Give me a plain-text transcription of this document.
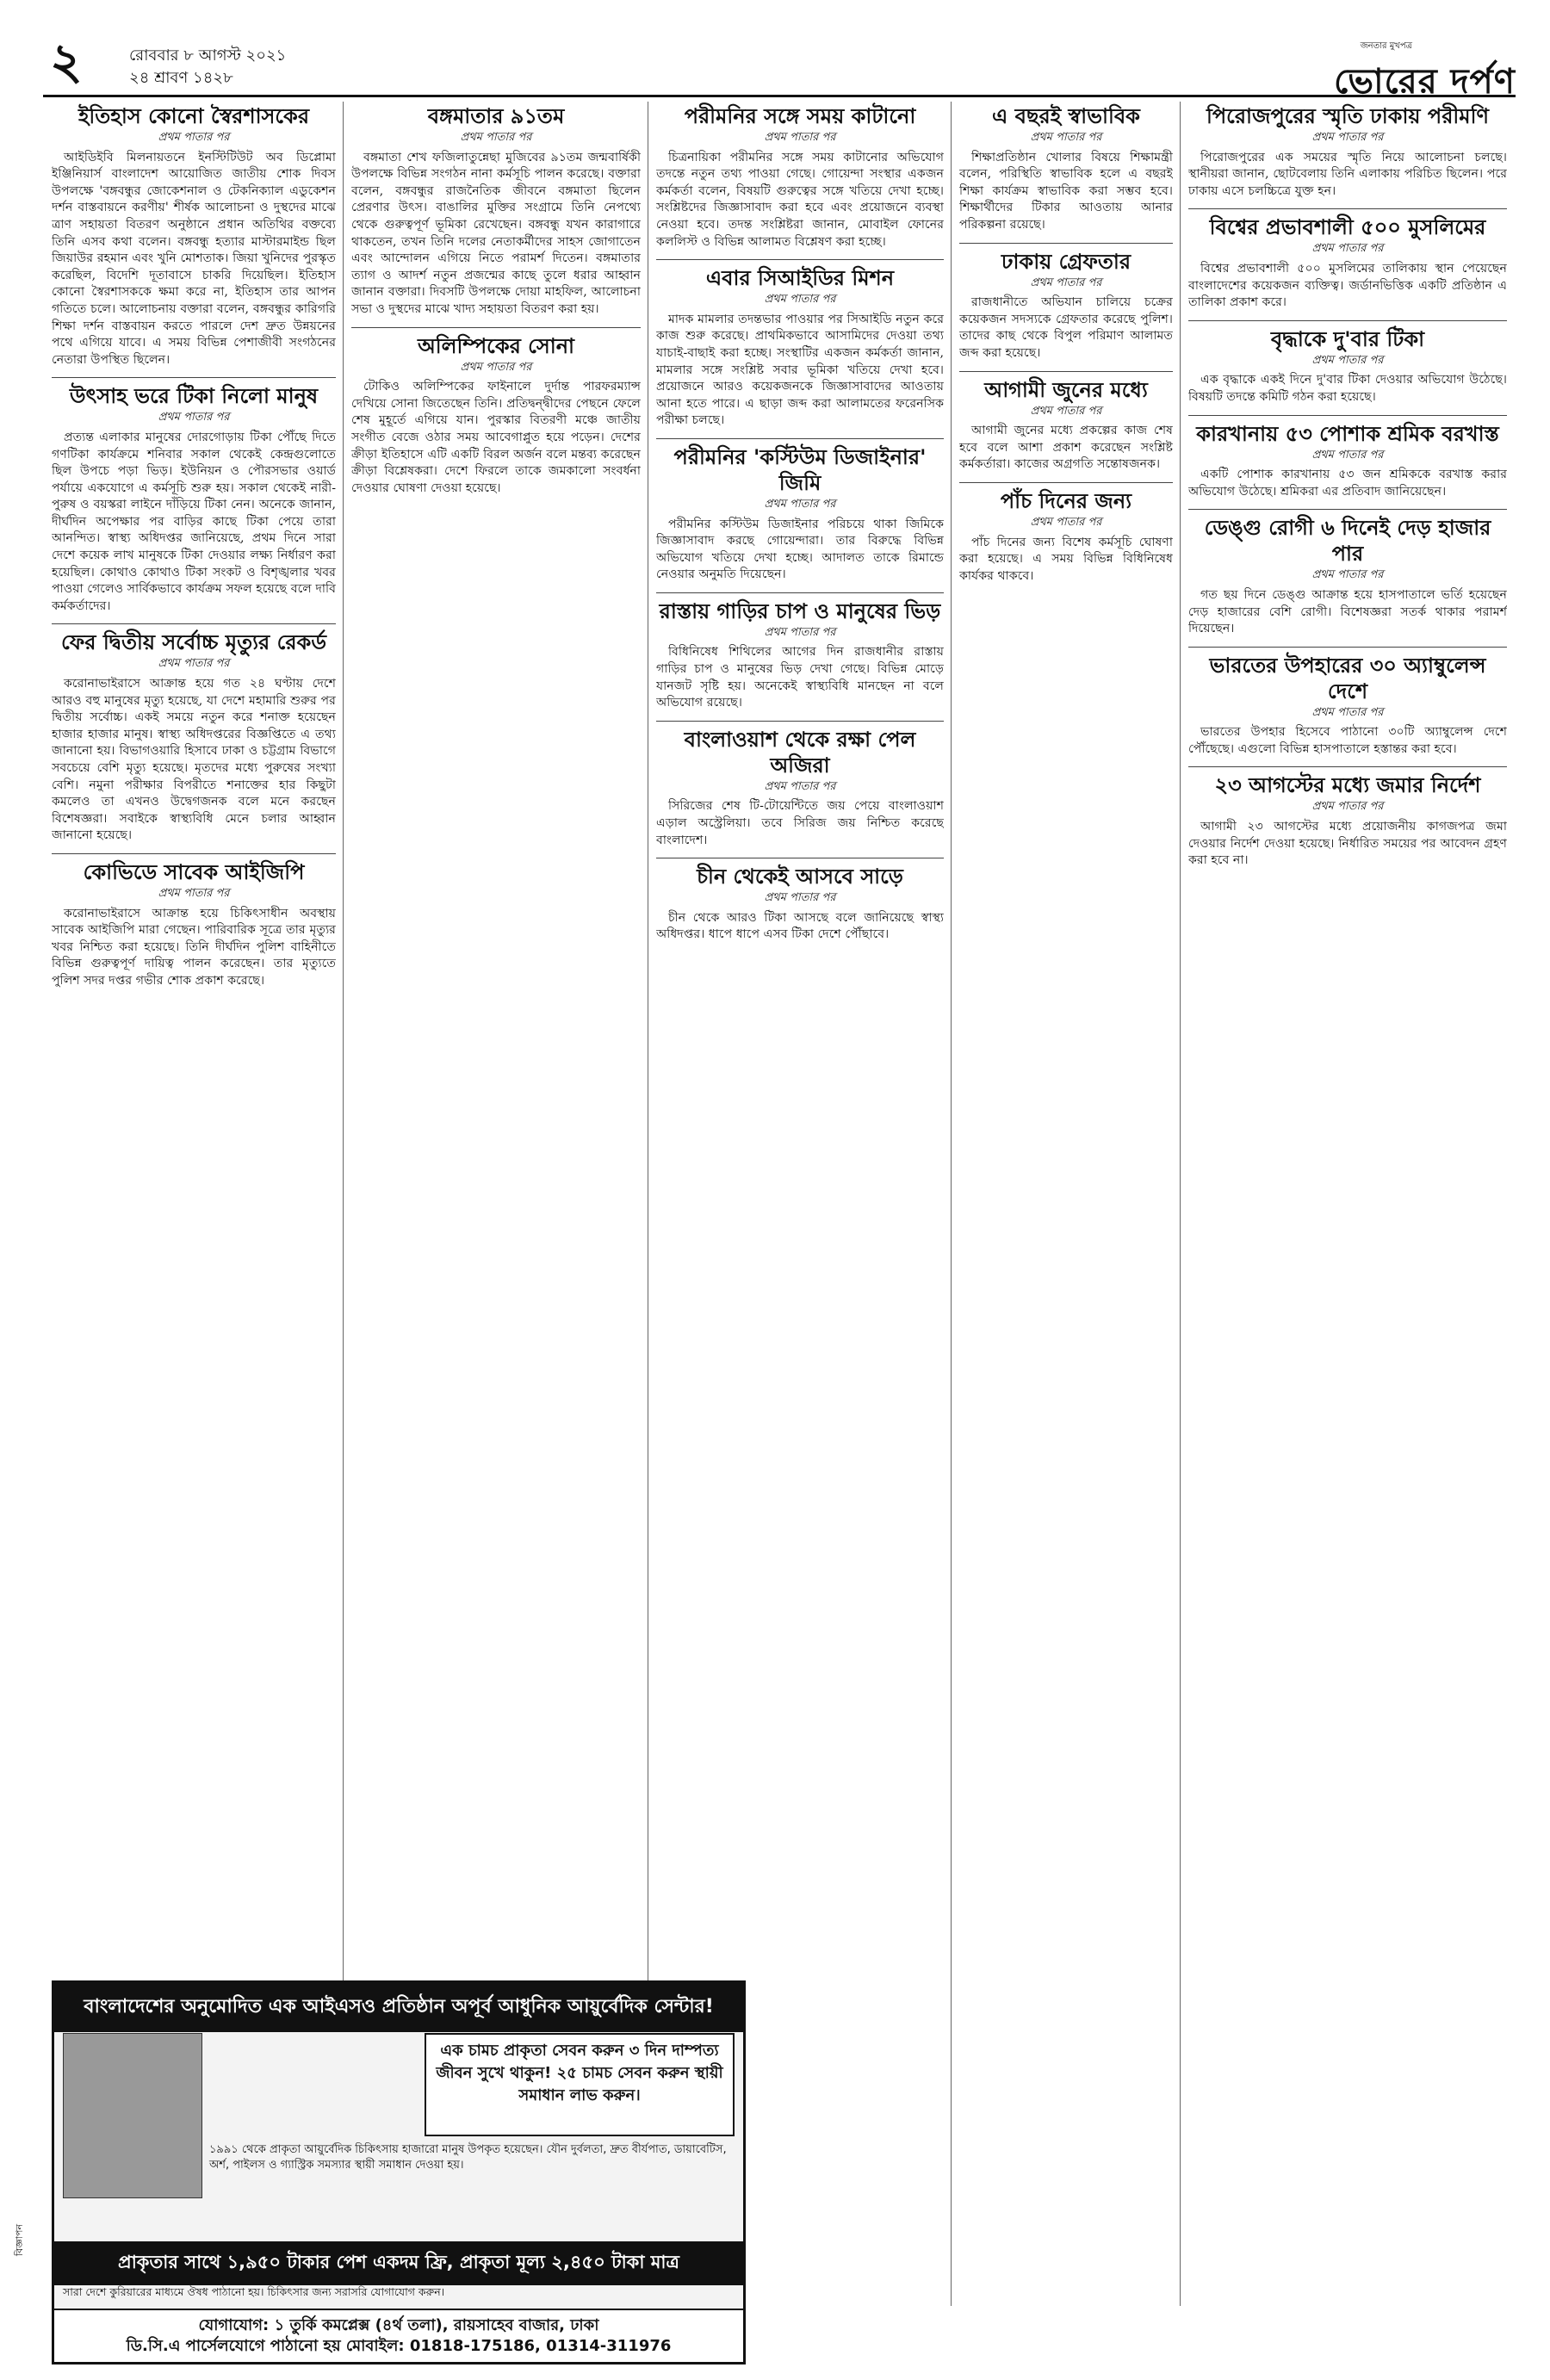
২	রোববার ৮ আগস্ট ২০২১
২৪ শ্রাবণ ১৪২৮
জনতার মুখপত্র
ভোরের দর্পণ
ইতিহাস কোনো স্বৈরশাসকের
প্রথম পাতার পর

আইডিইবি মিলনায়তনে ইনস্টিটিউট অব ডিপ্লোমা ইঞ্জিনিয়ার্স বাংলাদেশ আয়োজিত জাতীয় শোক দিবস উপলক্ষে 'বঙ্গবন্ধুর জোকেশনাল ও টেকনিক্যাল এডুকেশন দর্শন বাস্তবায়নে করণীয়' শীর্ষক আলোচনা ও দুস্থদের মাঝে ত্রাণ সহায়তা বিতরণ অনুষ্ঠানে প্রধান অতিথির বক্তব্যে তিনি এসব কথা বলেন। বঙ্গবন্ধু হত্যার মাস্টারমাইন্ড ছিল জিয়াউর রহমান এবং খুনি মোশতাক। জিয়া খুনিদের পুরস্কৃত করেছিল, বিদেশি দূতাবাসে চাকরি দিয়েছিল। ইতিহাস কোনো স্বৈরশাসককে ক্ষমা করে না, ইতিহাস তার আপন গতিতে চলে। আলোচনায় বক্তারা বলেন, বঙ্গবন্ধুর কারিগরি শিক্ষা দর্শন বাস্তবায়ন করতে পারলে দেশ দ্রুত উন্নয়নের পথে এগিয়ে যাবে। এ সময় বিভিন্ন পেশাজীবী সংগঠনের নেতারা উপস্থিত ছিলেন।

উৎসাহ ভরে টিকা নিলো মানুষ
প্রথম পাতার পর

প্রত্যন্ত এলাকার মানুষের দোরগোড়ায় টিকা পৌঁছে দিতে গণটিকা কার্যক্রমে শনিবার সকাল থেকেই কেন্দ্রগুলোতে ছিল উপচে পড়া ভিড়। ইউনিয়ন ও পৌরসভার ওয়ার্ড পর্যায়ে একযোগে এ কর্মসূচি শুরু হয়। সকাল থেকেই নারী-পুরুষ ও বয়স্করা লাইনে দাঁড়িয়ে টিকা নেন। অনেকে জানান, দীর্ঘদিন অপেক্ষার পর বাড়ির কাছে টিকা পেয়ে তারা আনন্দিত। স্বাস্থ্য অধিদপ্তর জানিয়েছে, প্রথম দিনে সারা দেশে কয়েক লাখ মানুষকে টিকা দেওয়ার লক্ষ্য নির্ধারণ করা হয়েছিল। কোথাও কোথাও টিকা সংকট ও বিশৃঙ্খলার খবর পাওয়া গেলেও সার্বিকভাবে কার্যক্রম সফল হয়েছে বলে দাবি কর্মকর্তাদের।

ফের দ্বিতীয় সর্বোচ্চ মৃত্যুর রেকর্ড
প্রথম পাতার পর

করোনাভাইরাসে আক্রান্ত হয়ে গত ২৪ ঘণ্টায় দেশে আরও বহু মানুষের মৃত্যু হয়েছে, যা দেশে মহামারি শুরুর পর দ্বিতীয় সর্বোচ্চ। একই সময়ে নতুন করে শনাক্ত হয়েছেন হাজার হাজার মানুষ। স্বাস্থ্য অধিদপ্তরের বিজ্ঞপ্তিতে এ তথ্য জানানো হয়। বিভাগওয়ারি হিসাবে ঢাকা ও চট্টগ্রাম বিভাগে সবচেয়ে বেশি মৃত্যু হয়েছে। মৃতদের মধ্যে পুরুষের সংখ্যা বেশি। নমুনা পরীক্ষার বিপরীতে শনাক্তের হার কিছুটা কমলেও তা এখনও উদ্বেগজনক বলে মনে করছেন বিশেষজ্ঞরা। সবাইকে স্বাস্থ্যবিধি মেনে চলার আহ্বান জানানো হয়েছে।

কোভিডে সাবেক আইজিপি
প্রথম পাতার পর

করোনাভাইরাসে আক্রান্ত হয়ে চিকিৎসাধীন অবস্থায় সাবেক আইজিপি মারা গেছেন। পারিবারিক সূত্রে তার মৃত্যুর খবর নিশ্চিত করা হয়েছে। তিনি দীর্ঘদিন পুলিশ বাহিনীতে বিভিন্ন গুরুত্বপূর্ণ দায়িত্ব পালন করেছেন। তার মৃত্যুতে পুলিশ সদর দপ্তর গভীর শোক প্রকাশ করেছে।

বঙ্গমাতার ৯১তম
প্রথম পাতার পর

বঙ্গমাতা শেখ ফজিলাতুন্নেছা মুজিবের ৯১তম জন্মবার্ষিকী উপলক্ষে বিভিন্ন সংগঠন নানা কর্মসূচি পালন করেছে। বক্তারা বলেন, বঙ্গবন্ধুর রাজনৈতিক জীবনে বঙ্গমাতা ছিলেন প্রেরণার উৎস। বাঙালির মুক্তির সংগ্রামে তিনি নেপথ্যে থেকে গুরুত্বপূর্ণ ভূমিকা রেখেছেন। বঙ্গবন্ধু যখন কারাগারে থাকতেন, তখন তিনি দলের নেতাকর্মীদের সাহস জোগাতেন এবং আন্দোলন এগিয়ে নিতে পরামর্শ দিতেন। বঙ্গমাতার ত্যাগ ও আদর্শ নতুন প্রজন্মের কাছে তুলে ধরার আহ্বান জানান বক্তারা। দিবসটি উপলক্ষে দোয়া মাহফিল, আলোচনা সভা ও দুস্থদের মাঝে খাদ্য সহায়তা বিতরণ করা হয়।

অলিম্পিকের সোনা
প্রথম পাতার পর

টোকিও অলিম্পিকের ফাইনালে দুর্দান্ত পারফরম্যান্স দেখিয়ে সোনা জিতেছেন তিনি। প্রতিদ্বন্দ্বীদের পেছনে ফেলে শেষ মুহূর্তে এগিয়ে যান। পুরস্কার বিতরণী মঞ্চে জাতীয় সংগীত বেজে ওঠার সময় আবেগাপ্লুত হয়ে পড়েন। দেশের ক্রীড়া ইতিহাসে এটি একটি বিরল অর্জন বলে মন্তব্য করেছেন ক্রীড়া বিশ্লেষকরা। দেশে ফিরলে তাকে জমকালো সংবর্ধনা দেওয়ার ঘোষণা দেওয়া হয়েছে।

পরীমনির সঙ্গে সময় কাটানো
প্রথম পাতার পর

চিত্রনায়িকা পরীমনির সঙ্গে সময় কাটানোর অভিযোগ তদন্তে নতুন তথ্য পাওয়া গেছে। গোয়েন্দা সংস্থার একজন কর্মকর্তা বলেন, বিষয়টি গুরুত্বের সঙ্গে খতিয়ে দেখা হচ্ছে। সংশ্লিষ্টদের জিজ্ঞাসাবাদ করা হবে এবং প্রয়োজনে ব্যবস্থা নেওয়া হবে। তদন্ত সংশ্লিষ্টরা জানান, মোবাইল ফোনের কললিস্ট ও বিভিন্ন আলামত বিশ্লেষণ করা হচ্ছে।

এবার সিআইডির মিশন
প্রথম পাতার পর

মাদক মামলার তদন্তভার পাওয়ার পর সিআইডি নতুন করে কাজ শুরু করেছে। প্রাথমিকভাবে আসামিদের দেওয়া তথ্য যাচাই-বাছাই করা হচ্ছে। সংস্থাটির একজন কর্মকর্তা জানান, মামলার সঙ্গে সংশ্লিষ্ট সবার ভূমিকা খতিয়ে দেখা হবে। প্রয়োজনে আরও কয়েকজনকে জিজ্ঞাসাবাদের আওতায় আনা হতে পারে। এ ছাড়া জব্দ করা আলামতের ফরেনসিক পরীক্ষা চলছে।

পরীমনির 'কস্টিউম ডিজাইনার' জিমি
প্রথম পাতার পর

পরীমনির কস্টিউম ডিজাইনার পরিচয়ে থাকা জিমিকে জিজ্ঞাসাবাদ করছে গোয়েন্দারা। তার বিরুদ্ধে বিভিন্ন অভিযোগ খতিয়ে দেখা হচ্ছে। আদালত তাকে রিমান্ডে নেওয়ার অনুমতি দিয়েছেন।

রাস্তায় গাড়ির চাপ ও মানুষের ভিড়
প্রথম পাতার পর

বিধিনিষেধ শিথিলের আগের দিন রাজধানীর রাস্তায় গাড়ির চাপ ও মানুষের ভিড় দেখা গেছে। বিভিন্ন মোড়ে যানজট সৃষ্টি হয়। অনেকেই স্বাস্থ্যবিধি মানছেন না বলে অভিযোগ রয়েছে।

বাংলাওয়াশ থেকে রক্ষা পেল অজিরা
প্রথম পাতার পর

সিরিজের শেষ টি-টোয়েন্টিতে জয় পেয়ে বাংলাওয়াশ এড়াল অস্ট্রেলিয়া। তবে সিরিজ জয় নিশ্চিত করেছে বাংলাদেশ।

চীন থেকেই আসবে সাড়ে
প্রথম পাতার পর

চীন থেকে আরও টিকা আসছে বলে জানিয়েছে স্বাস্থ্য অধিদপ্তর। ধাপে ধাপে এসব টিকা দেশে পৌঁছাবে।

এ বছরই স্বাভাবিক
প্রথম পাতার পর

শিক্ষাপ্রতিষ্ঠান খোলার বিষয়ে শিক্ষামন্ত্রী বলেন, পরিস্থিতি স্বাভাবিক হলে এ বছরই শিক্ষা কার্যক্রম স্বাভাবিক করা সম্ভব হবে। শিক্ষার্থীদের টিকার আওতায় আনার পরিকল্পনা রয়েছে।

ঢাকায় গ্রেফতার
প্রথম পাতার পর

রাজধানীতে অভিযান চালিয়ে চক্রের কয়েকজন সদস্যকে গ্রেফতার করেছে পুলিশ। তাদের কাছ থেকে বিপুল পরিমাণ আলামত জব্দ করা হয়েছে।

আগামী জুনের মধ্যে
প্রথম পাতার পর

আগামী জুনের মধ্যে প্রকল্পের কাজ শেষ হবে বলে আশা প্রকাশ করেছেন সংশ্লিষ্ট কর্মকর্তারা। কাজের অগ্রগতি সন্তোষজনক।

পাঁচ দিনের জন্য
প্রথম পাতার পর

পাঁচ দিনের জন্য বিশেষ কর্মসূচি ঘোষণা করা হয়েছে। এ সময় বিভিন্ন বিধিনিষেধ কার্যকর থাকবে।

পিরোজপুরের স্মৃতি ঢাকায় পরীমণি
প্রথম পাতার পর

পিরোজপুরের এক সময়ের স্মৃতি নিয়ে আলোচনা চলছে। স্থানীয়রা জানান, ছোটবেলায় তিনি এলাকায় পরিচিত ছিলেন। পরে ঢাকায় এসে চলচ্চিত্রে যুক্ত হন।

বিশ্বের প্রভাবশালী ৫০০ মুসলিমের
প্রথম পাতার পর

বিশ্বের প্রভাবশালী ৫০০ মুসলিমের তালিকায় স্থান পেয়েছেন বাংলাদেশের কয়েকজন ব্যক্তিত্ব। জর্ডানভিত্তিক একটি প্রতিষ্ঠান এ তালিকা প্রকাশ করে।

বৃদ্ধাকে দু'বার টিকা
প্রথম পাতার পর

এক বৃদ্ধাকে একই দিনে দু'বার টিকা দেওয়ার অভিযোগ উঠেছে। বিষয়টি তদন্তে কমিটি গঠন করা হয়েছে।

কারখানায় ৫৩ পোশাক শ্রমিক বরখাস্ত
প্রথম পাতার পর

একটি পোশাক কারখানায় ৫৩ জন শ্রমিককে বরখাস্ত করার অভিযোগ উঠেছে। শ্রমিকরা এর প্রতিবাদ জানিয়েছেন।

ডেঙ্গু রোগী ৬ দিনেই দেড় হাজার পার
প্রথম পাতার পর

গত ছয় দিনে ডেঙ্গু আক্রান্ত হয়ে হাসপাতালে ভর্তি হয়েছেন দেড় হাজারের বেশি রোগী। বিশেষজ্ঞরা সতর্ক থাকার পরামর্শ দিয়েছেন।

ভারতের উপহারের ৩০ অ্যাম্বুলেন্স দেশে
প্রথম পাতার পর

ভারতের উপহার হিসেবে পাঠানো ৩০টি অ্যাম্বুলেন্স দেশে পৌঁছেছে। এগুলো বিভিন্ন হাসপাতালে হস্তান্তর করা হবে।

২৩ আগস্টের মধ্যে জমার নির্দেশ
প্রথম পাতার পর

আগামী ২৩ আগস্টের মধ্যে প্রয়োজনীয় কাগজপত্র জমা দেওয়ার নির্দেশ দেওয়া হয়েছে। নির্ধারিত সময়ের পর আবেদন গ্রহণ করা হবে না।

বাংলাদেশের অনুমোদিত এক আইএসও প্রতিষ্ঠান অপূর্ব আধুনিক আয়ুর্বেদিক সেন্টার!
এক চামচ প্রাকৃতা সেবন করুন ৩ দিন দাম্পত্য জীবন সুখে থাকুন! ২৫ চামচ সেবন করুন স্থায়ী সমাধান লাভ করুন।
১৯৯১ থেকে প্রাকৃতা আয়ুর্বেদিক চিকিৎসায় হাজারো মানুষ উপকৃত হয়েছেন। যৌন দুর্বলতা, দ্রুত বীর্যপাত, ডায়াবেটিস, অর্শ, পাইলস ও গ্যাস্ট্রিক সমস্যার স্থায়ী সমাধান দেওয়া হয়।
প্রাকৃতার সাথে ১,৯৫০ টাকার পেশ একদম ফ্রি, প্রাকৃতা মূল্য ২,৪৫০ টাকা মাত্র
সারা দেশে কুরিয়ারের মাধ্যমে ঔষধ পাঠানো হয়। চিকিৎসার জন্য সরাসরি যোগাযোগ করুন।
যোগাযোগ: ১ তুর্কি কমপ্লেক্স (৪র্থ তলা), রায়সাহেব বাজার, ঢাকা
ডি.সি.এ পার্সেলযোগে পাঠানো হয় মোবাইল: 01818-175186, 01314-311976
বিজ্ঞাপন
